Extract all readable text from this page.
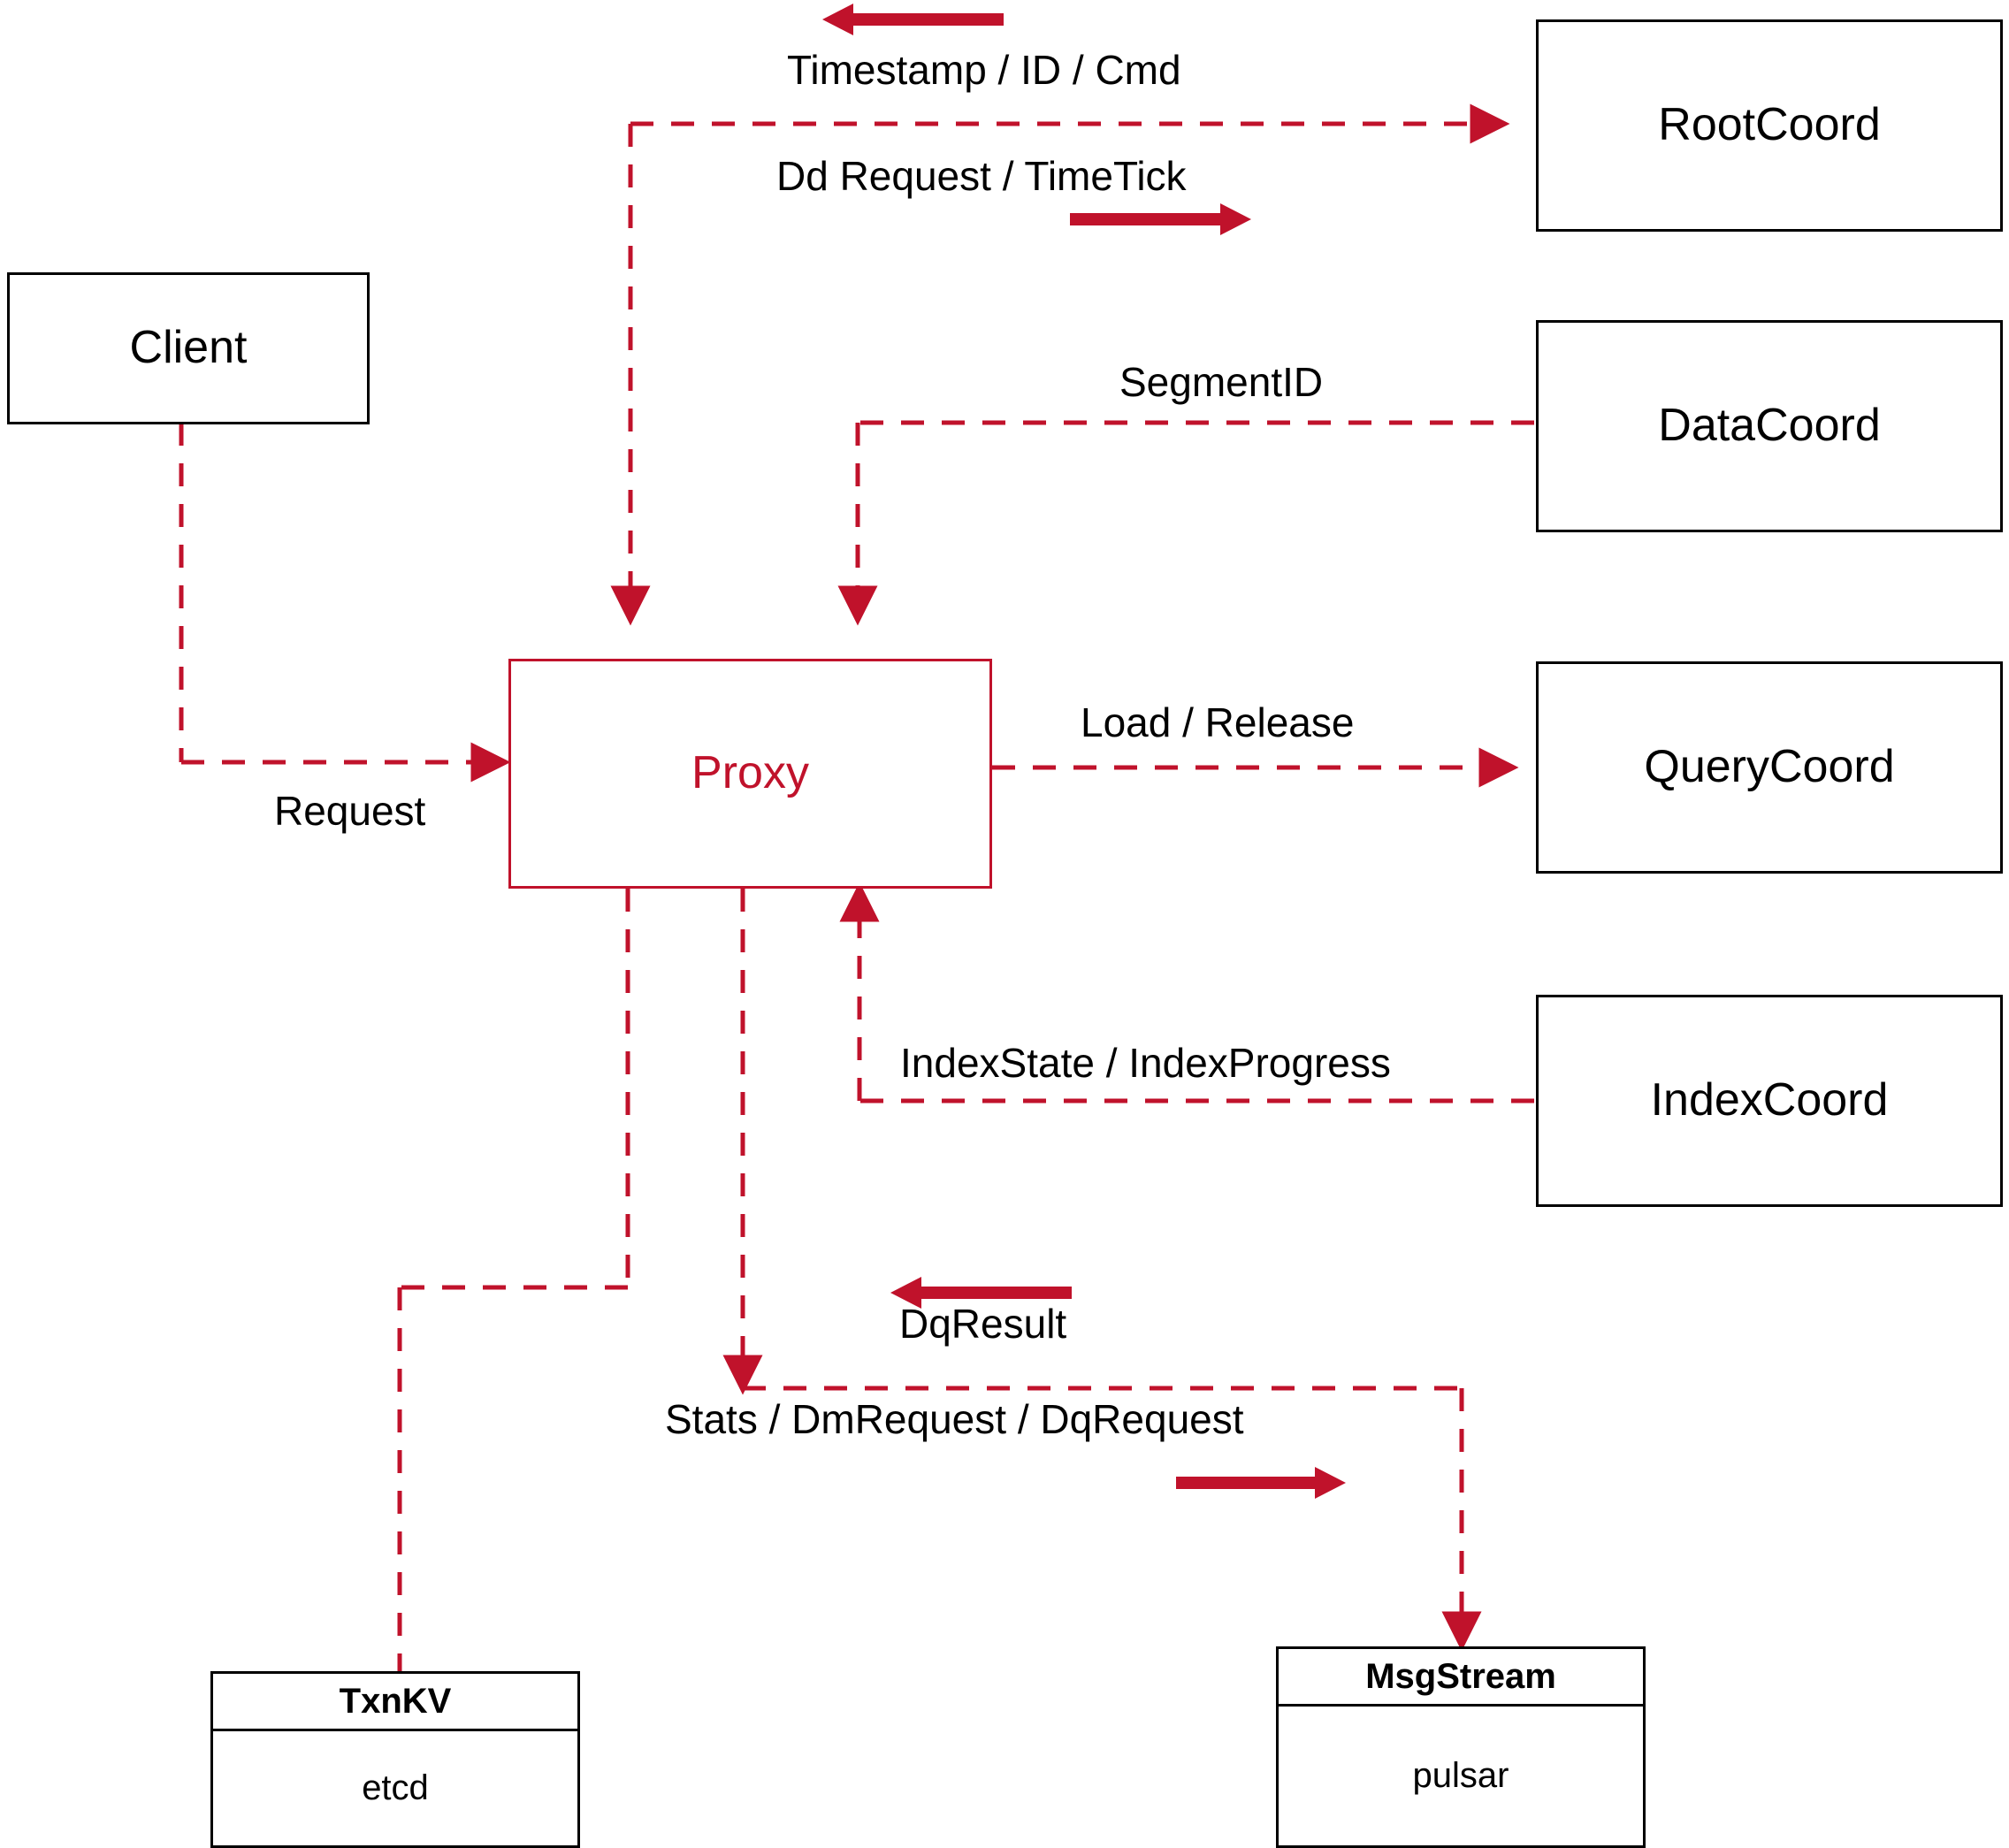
Client
Proxy
RootCoord
DataCoord
QueryCoord
IndexCoord
TxnKV
etcd
MsgStream
pulsar
Timestamp / ID / Cmd
Dd Request / TimeTick
SegmentID
Load / Release
Request
IndexState / IndexProgress
DqResult
Stats / DmRequest / DqRequest
